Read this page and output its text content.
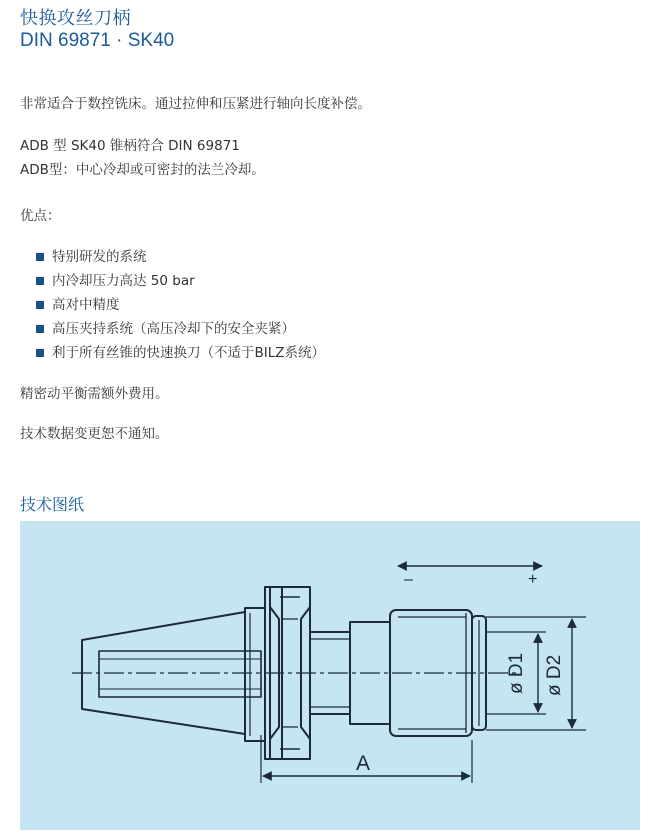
快换攻丝刀柄
DIN 69871 · SK40
非常适合于数控铣床。通过拉伸和压紧进行轴向长度补偿。
ADB 型 SK40 锥柄符合 DIN 69871
ADB型：中心冷却或可密封的法兰冷却。
优点：
特别研发的系统
内冷却压力高达 50 bar
高对中精度
高压夹持系统（高压冷却下的安全夹紧）
利于所有丝锥的快速换刀（不适于BILZ系统）
精密动平衡需额外费用。
技术数据变更恕不通知。
技术图纸
–	+
ø D1 ø D2
A
